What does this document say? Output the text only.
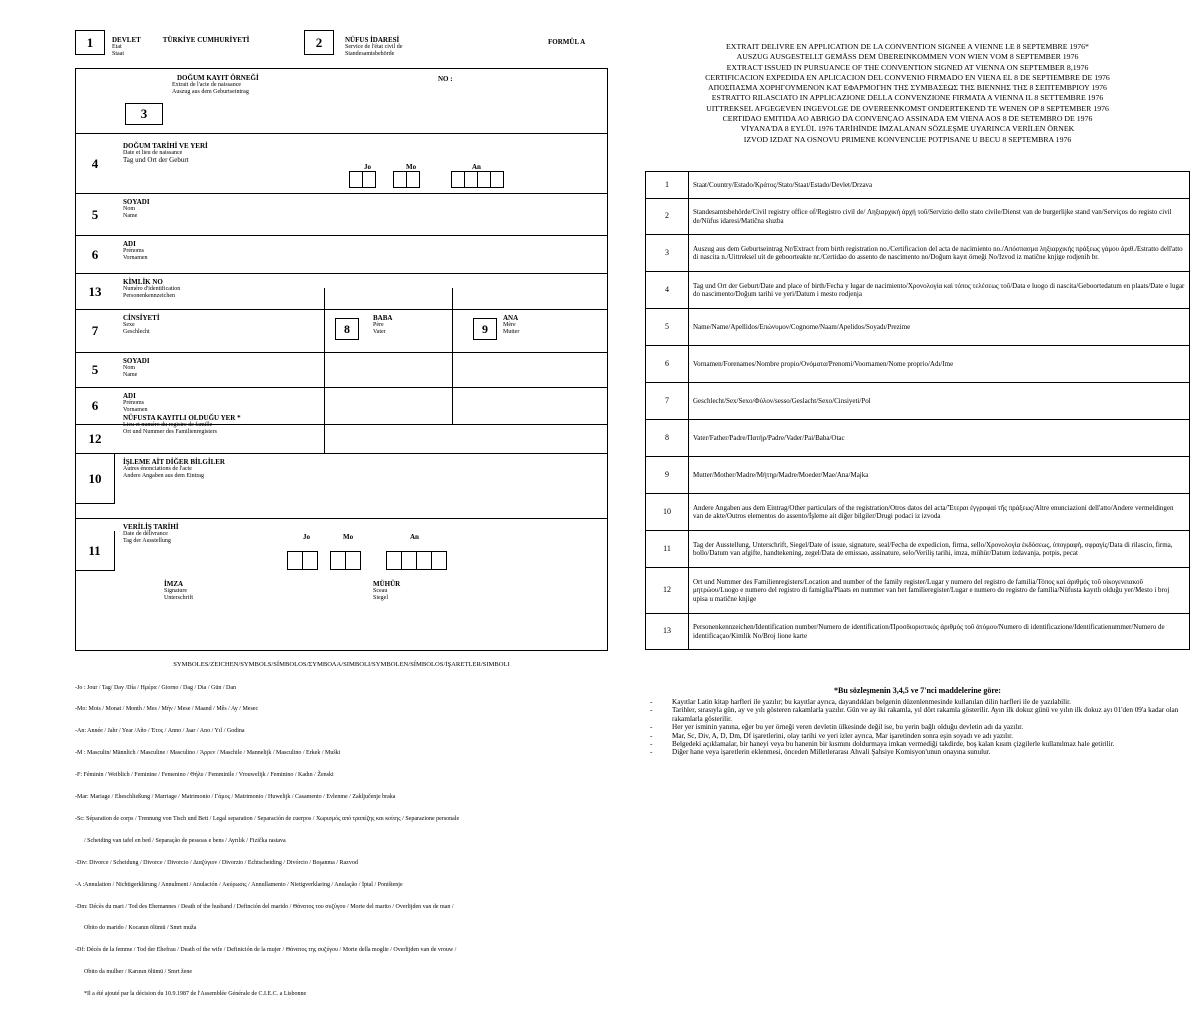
1	DEVLET	TÜRKİYE CUMHURİYETİ
Etat
Staat
2	NÜFUS İDARESİ
Service de l'état civil de
Standesamtsbehörde
FORMÜL A
3
DOĞUM KAYIT ÖRNEĞİ
Extrait de l'acte de naissance
Auszug aus dem Geburtseintrag
NO :
4
DOĞUM TARİHİ VE YERİ
Date et lieu de naissance
Tag und Ort der Geburt
Jo	Mo	An
5
SOYADI
Nom
Name
6
ADI
Prénoms
Vornamen
13
KİMLİK NO
Numéro d'identification
Personenkennzeichen
7
CİNSİYETİ
Sexe
Geschlecht	8
BABA
Père
Vater	9
ANA
Mère
Mutter
5
SOYADI
Nom
Name
6
ADI
Prénoms
Vornamen
12
NÜFUSTA KAYITLI OLDUĞU YER *
Lieu et numéro du registre de famille
Ort und Nummer des Familienregisters
10
İŞLEME AİT DİĞER BİLGİLER
Autres énonciations de l'acte
Andere Angaben aus dem Eintrag
11
VERİLİŞ TARİHİ
Date de délivrance
Tag der Ausstellung	Jo	Mo	An
İMZA
Signature
Unterschrift
MÜHÜR
Sceau
Siegel
SYMBOLES/ZEICHEN/SYMBOLS/SÍMBOLOS/ΣΥΜΒΟΛΑ/SIMBOLI/SYMBOLEN/SÍMBOLOS/İŞARETLER/SIMBOLI

-Jo : Jour / Tag/ Day /Día / Ημέρα / Giorno / Dag / Dia / Gün / Dan

-Mo: Mois / Monat / Month / Mes / Μήν / Mese / Maand / Mês / Ay / Mesec

-An: Année / Jahr / Year /Año / Έτος / Anno / Jaar / Ano / Yıl / Godina

-M : Masculin/ Männlich / Masculine / Masculino / Άρρεν / Maschile / Mannelijk / Masculino / Erkek / Muški

-F: Féminin / Weiblich / Feminine / Femenino / Θήλυ / Femminile / Vrouwelijk / Feminino / Kadın / Ženski

-Mar: Mariage / Eheschließung / Marriage / Matrimonio / Γάμος / Matrimonio / Huwelijk / Casamento / Evlenme / Zaključenje braka

-Sc: Séparation de corps / Trennung von Tisch und Bett / Legal separation / Separación de cuerpos / Χωρισμός από τραπέζης και κοίτης / Separazione personale

/ Scheiding van tafel en bed / Separação de pessoas e bens / Ayrılık / Fizička rastava

-Div: Divorce / Scheidung / Divorce / Divorcio / Διαζύγιον / Divorzio / Echtscheiding / Divórcio / Boşanma / Razvod

-A :Annulation / Nichtigerklärung / Annulment / Anulación / Ακύρωσις / Annullamento / Nietigverklaring / Anulação / İptal / Poništenje

-Dm: Décès du mari / Tod des Ehemannes / Death of the husband / Definción del marido / Θάνατος του συζύγου / Morte del marito / Overlijden van de man /

Obito do marido / Kocanın ölümü / Smrt muža

-Df: Décès de la femme / Tod der Ehefrau / Death of the wife / Definición de la mujer / Θάνατος της συζύγου / Morte della moglie / Overlijden van de vrouw /

Obito da mulher / Karının ölümü / Smrt žene

*Il a été ajouté par la décision du 10.9.1987 de l'Assemblée Générale de C.I.E.C. a Lisbonne

EXTRAIT DELIVRE EN APPLICATION DE LA CONVENTION SIGNEE A VIENNE LE 8 SEPTEMBRE 1976*
AUSZUG AUSGESTELLT GEMÄSS DEM ÜBEREINKOMMEN VON WIEN VOM 8 SEPTEMBER 1976
EXTRACT ISSUED IN PURSUANCE OF THE CONVENTION SIGNED AT VIENNA ON SEPTEMBER 8,1976
CERTIFICACION EXPEDIDA EN APLICACION DEL CONVENIO FIRMADO EN VIENA EL 8 DE SEPTIEMBRE DE 1976
ΑΠΟΣΠΑΣΜΑ ΧΟΡΗΓΟΥΜΕΝΟΝ ΚΑΤ ΕΦΑΡΜΟΓΗΝ ΤΗΣ ΣΥΜΒΑΣΕΩΣ ΤΗΣ ΒΙΕΝΝΗΣ ΤΗΣ 8 ΣΕΠΤΕΜΒΡΙΟΥ 1976
ESTRATTO RILASCIATO IN APPLICAZIONE DELLA CONVENZIONE FIRMATA A VIENNA IL 8 SETTEMBRE 1976
UITTREKSEL AFGEGEVEN INGEVOLGE DE OVEREENKOMST ONDERTEKEND TE WENEN OP 8 SEPTEMBER 1976
CERTIDAO EMITIDA AO ABRIGO DA CONVENÇAO ASSINADA EM VIENA AOS 8 DE SETEMBRO DE 1976
VİYANA'DA 8 EYLÜL 1976 TARİHİNDE İMZALANAN SÖZLEŞME UYARINCA VERİLEN ÖRNEK
IZVOD IZDAT NA OSNOVU PRIMENE KONVENCIJE POTPISANE U BECU 8 SEPTEMBRA 1976
1	Staat/Country/Estado/Κράτος/Stato/Staat/Estado/Devlet/Drzava
2	Standesamtsbehörde/Civil registry office of/Registro civil de/ Ληξιαρχική άρχή τοῦ/Servizio dello stato civile/Dienst van de burgerlijke stand van/Serviços do registo civil de/Nüfus idaresi/Matična sluzba
3	Auszug aus dem Geburtseintrag Nr/Extract from birth registration no./Certificacion del acta de nacimiento no./Απόσπασμα ληξιαρχικής πράξεως γάμου άριθ./Estratto dell'atto di nascita n./Uittreksel uit de geboorteakte nr./Certidao do assento de nascimento no/Doğum kayıt örneği No/Izvod iz matične knjige rodjenih br.
4	Tag und Ort der Geburt/Date and place of birth/Fecha y lugar de nacimiento/Χρονολογία καὶ τόπος τελέσεως τοῦ/Data e luogo di nascita/Geboortedatum en plaats/Date e lugar do nascimento/Doğum tarihi ve yeri/Datum i mesto rodjenja
5	Name/Name/Apellidos/Επώνυμον/Cognome/Naam/Apelidos/Soyadı/Prezime
6	Vornamen/Forenames/Nombre propio/Ονόματα/Prenomi/Voornamen/Nome proprio/Adı/Ime
7	Geschlecht/Sex/Sexo/Φύλον/sesso/Geslacht/Sexo/Cinsiyeti/Pol
8	Vater/Father/Padre/Πατήρ/Padre/Vader/Pai/Baba/Otac
9	Mutter/Mother/Madre/Μήτηρ/Madre/Moeder/Mae/Ana/Majka
10	Andere Angaben aus dem Eintrag/Other particulars of the registration/Otros datos del acta/'Έτεραι έγγραφαί τῆς πράξεως/Altre enunciazioni dell'atto/Andere vermeldingen van de akte/Outros elementos do assento/İşleme ait diğer bilgiler/Drugi podaci iz izvoda
11	Tag der Ausstellung, Unterschrift, Siegel/Date of issue, signature, seal/Fecha de expedicion, firma, sello/Χρονολογία ἐκδόσεως, ὑπογραφή, σφραγίς/Data di rilascio, firma, bollo/Datum van afgifte, handtekening, zegel/Data de emissao, assinature, selo/Veriliş tarihi, imza, mühür/Datum izdavanja, potpis, pecat
12	Ort und Nummer des Familienregisters/Location and number of the family register/Lugar y numero del registro de familia/Τόπος καὶ ἀριθμός τοῦ οἰκογενειακοῦ μητρώου/Luogo e numero del registro di famiglia/Plaats en nummer van het familieregister/Lugar e numero do registro de família/Nüfusta kayıtlı olduğu yer/Mesto i broj upisa u matične knjige
13	Personenkennzeichen/Identification number/Numero de identification/Προσδιοριστικός ἀριθμός τοῦ ἀτόμου/Numero di identificazione/Identificatienummer/Numero de identificaçao/Kimlik No/Broj lione karte
*Bu sözleşmenin 3,4,5 ve 7'nci maddelerine göre:
- Kayıtlar Latin kitap harfleri ile yazılır; bu kayıtlar ayrıca, dayandıkları belgenin düzenlenmesinde kullanılan dilin harfleri ile de yazılabilir.
- Tarihler, sırasıyla gün, ay ve yılı gösteren rakamlarla yazılır. Gün ve ay iki rakamla, yıl dört rakamla gösterilir. Ayın ilk dokuz günü ve yılın ilk dokuz ayı 01'den 09'a kadar olan rakamlarla gösterilir.
- Her yer isminin yanına, eğer bu yer örneği veren devletin ülkesinde değil ise, bu yerin bağlı olduğu devletin adı da yazılır.
- Mar, Sc, Div, A, D, Dm, Df işaretlerini, olay tarihi ve yeri izler ayrıca, Mar işaretinden sonra eşin soyadı ve adı yazılır.
- Belgedeki açıklamalar, bir haneyi veya bu hanenin bir kısmını doldurmaya imkan vermediği takdirde, boş kalan kısım çizgilerle kullanılmaz hale getirilir.
- Diğer hane veya işaretlerin eklenmesi, önceden Milletlerarası Ahvali Şahsiye Komisyon'unun onayına sunulur.
